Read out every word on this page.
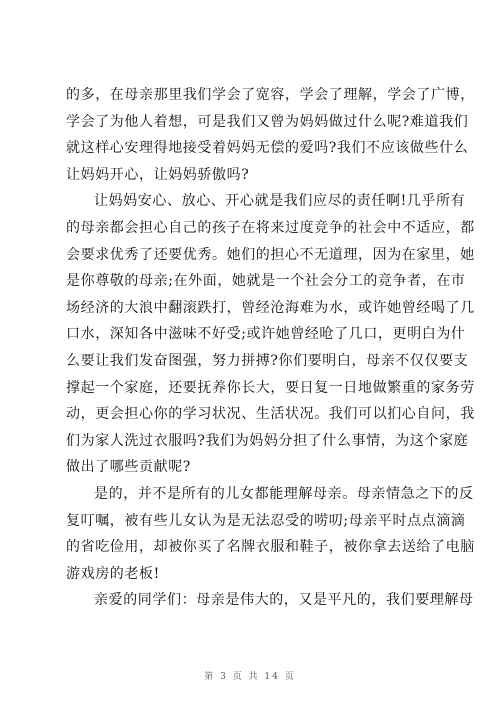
的多，在母亲那里我们学会了宽容，学会了理解，学会了广博，
学会了为他人着想，可是我们又曾为妈妈做过什么呢?难道我们
就这样心安理得地接受着妈妈无偿的爱吗?我们不应该做些什么
让妈妈开心，让妈妈骄傲吗?

让妈妈安心、放心、开心就是我们应尽的责任啊!几乎所有
的母亲都会担心自己的孩子在将来过度竞争的社会中不适应，都
会要求优秀了还要优秀。她们的担心不无道理，因为在家里，她
是你尊敬的母亲;在外面，她就是一个社会分工的竞争者，在市
场经济的大浪中翻滚跌打，曾经沧海难为水，或许她曾经喝了几
口水，深知各中滋味不好受;或许她曾经呛了几口，更明白为什
么要让我们发奋图强，努力拼搏?你们要明白，母亲不仅仅要支
撑起一个家庭，还要抚养你长大，要日复一日地做繁重的家务劳
动，更会担心你的学习状况、生活状况。我们可以扪心自问，我
们为家人洗过衣服吗?我们为妈妈分担了什么事情，为这个家庭
做出了哪些贡献呢?

是的，并不是所有的儿女都能理解母亲。母亲情急之下的反
复叮嘱，被有些儿女认为是无法忍受的唠叨;母亲平时点点滴滴
的省吃俭用，却被你买了名牌衣服和鞋子，被你拿去送给了电脑
游戏房的老板!

亲爱的同学们：母亲是伟大的，又是平凡的，我们要理解母

第 3 页 共 14 页
